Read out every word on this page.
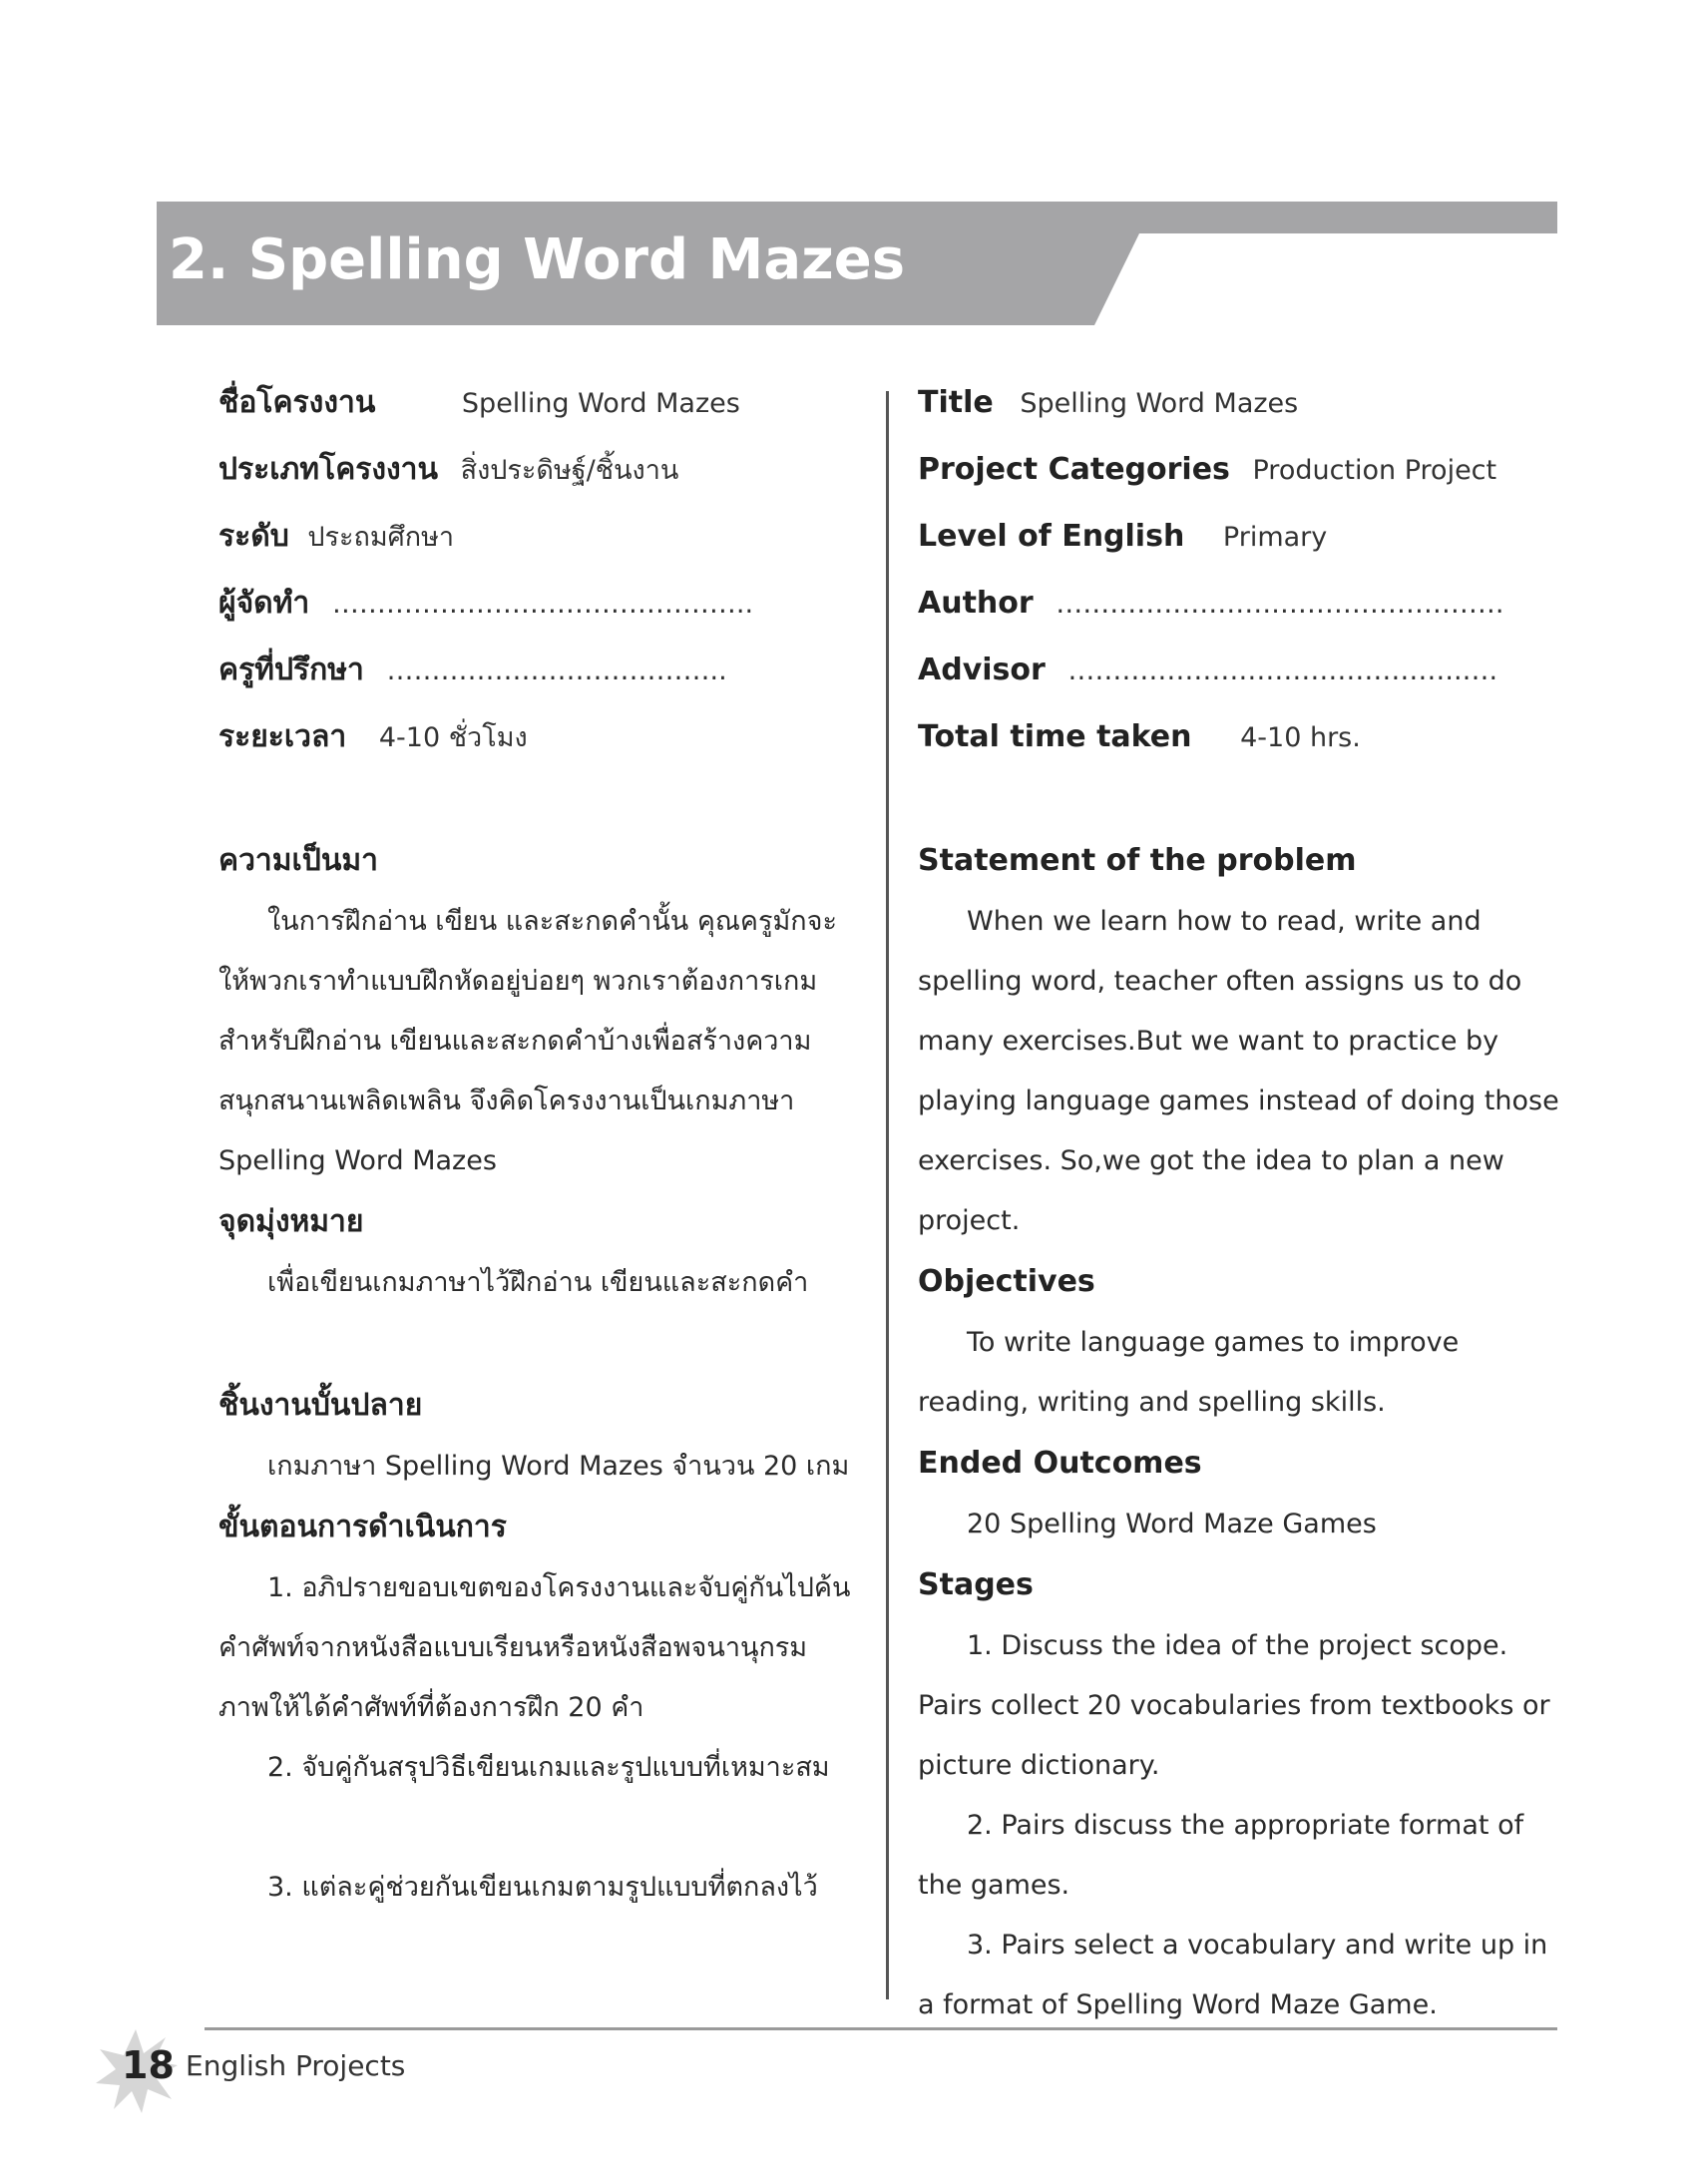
2. Spelling Word Mazes
ชื่อโครงงาน	Spelling Word Mazes
ประเภทโครงงาน สิ่งประดิษฐ์/ชิ้นงาน
ระดับ ประถมศึกษา
ผู้จัดทำ ………………………………………..
ครูที่ปรึกษา ………………………………..
ระยะเวลา 4-10 ชั่วโมง
ความเป็นมา
ในการฝึกอ่าน เขียน และสะกดคำนั้น คุณครูมักจะให้พวกเราทำแบบฝึกหัดอยู่บ่อยๆ พวกเราต้องการเกมสำหรับฝึกอ่าน เขียนและสะกดคำบ้างเพื่อสร้างความสนุกสนานเพลิดเพลิน จึงคิดโครงงานเป็นเกมภาษา Spelling Word Mazes
จุดมุ่งหมาย
เพื่อเขียนเกมภาษาไว้ฝึกอ่าน เขียนและสะกดคำ
ชิ้นงานบั้นปลาย
เกมภาษา Spelling Word Mazes จำนวน 20 เกม
ขั้นตอนการดำเนินการ
1. อภิปรายขอบเขตของโครงงานและจับคู่กันไปค้นคำศัพท์จากหนังสือแบบเรียนหรือหนังสือพจนานุกรมภาพให้ได้คำศัพท์ที่ต้องการฝึก 20 คำ
2. จับคู่กันสรุปวิธีเขียนเกมและรูปแบบที่เหมาะสม
3. แต่ละคู่ช่วยกันเขียนเกมตามรูปแบบที่ตกลงไว้
Title Spelling Word Mazes
Project Categories Production Project
Level of English Primary
Author …………………….…………………….
Advisor ……………………………………..….
Total time taken 4-10 hrs.
Statement of the problem
When we learn how to read, write and spelling word, teacher often assigns us to do many exercises.But we want to practice by playing language games instead of doing those exercises. So,we got the idea to plan a new project.
Objectives
To write language games to improve reading, writing and spelling skills.
Ended Outcomes
20 Spelling Word Maze Games
Stages
1. Discuss the idea of the project scope. Pairs collect 20 vocabularies from textbooks or picture dictionary.
2. Pairs discuss the appropriate format of the games.
3. Pairs select a vocabulary and write up in a format of Spelling Word Maze Game.
18 English Projects
